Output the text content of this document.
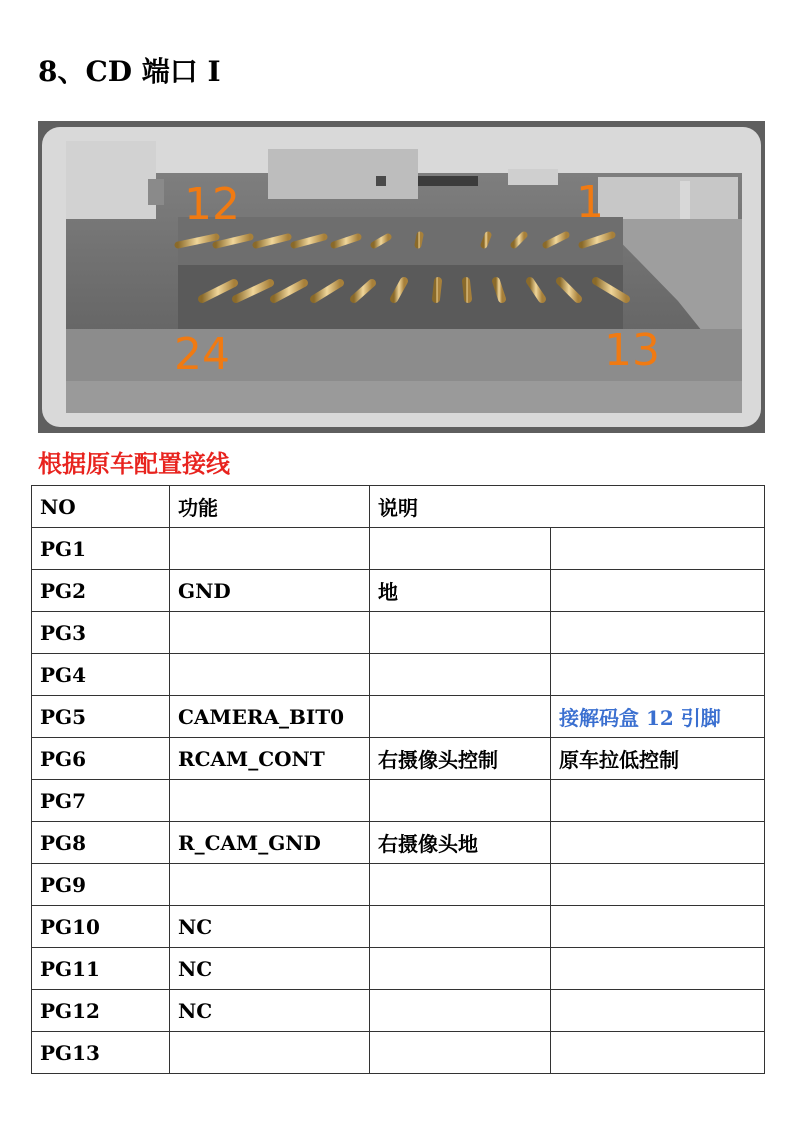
8、CD 端口 I
12	1
24	13
根据原车配置接线
NO	功能	说明	
PG1			
PG2	GND	地	
PG3			
PG4			
PG5	CAMERA_BIT0		接解码盒 12 引脚
PG6	RCAM_CONT	右摄像头控制	原车拉低控制
PG7			
PG8	R_CAM_GND	右摄像头地	
PG9			
PG10	NC		
PG11	NC		
PG12	NC		
PG13			
